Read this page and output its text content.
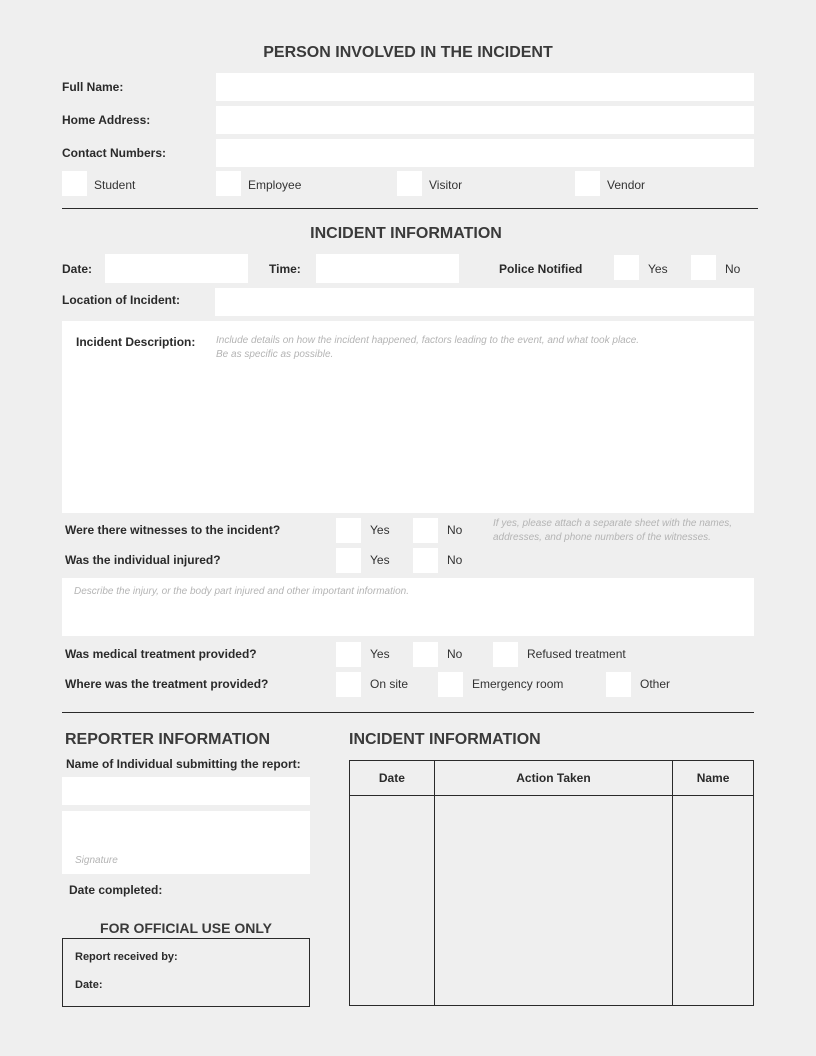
PERSON INVOLVED IN THE INCIDENT
Full Name:
Home Address:
Contact Numbers:
Student	Employee	Visitor	Vendor
INCIDENT INFORMATION
Date:	Time:	Police Notified	Yes	No
Location of Incident:
Incident Description: Include details on how the incident happened, factors leading to the event, and what took place.
Be as specific as possible.
Were there witnesses to the incident?	Yes	No	If yes, please attach a separate sheet with the names,
addresses, and phone numbers of the witnesses.
Was the individual injured?	Yes	No
Describe the injury, or the body part injured and other important information.
Was medical treatment provided?	Yes	No	Refused treatment
Where was the treatment provided?	On site	Emergency room	Other
REPORTER INFORMATION
Name of Individual submitting the report:
Signature
Date completed:
FOR OFFICIAL USE ONLY
Report received by:
Date:
INCIDENT INFORMATION
Date	Action Taken	Name
